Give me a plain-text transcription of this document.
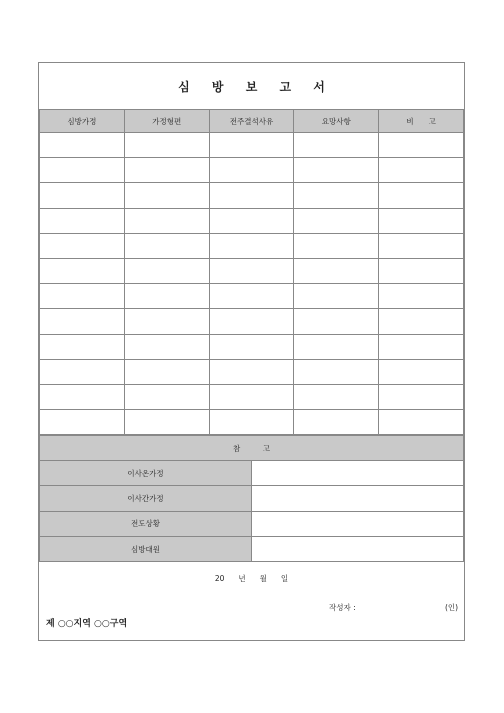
심 방 보 고 서
심방가정	가정형편	전주결석사유	요망사항	비　　고

참　　　고	
이사온가정	
이사간가정	
전도상황	
심방대원	
20 년 월 일
작성자 :	(인)
제 ○○지역 ○○구역
